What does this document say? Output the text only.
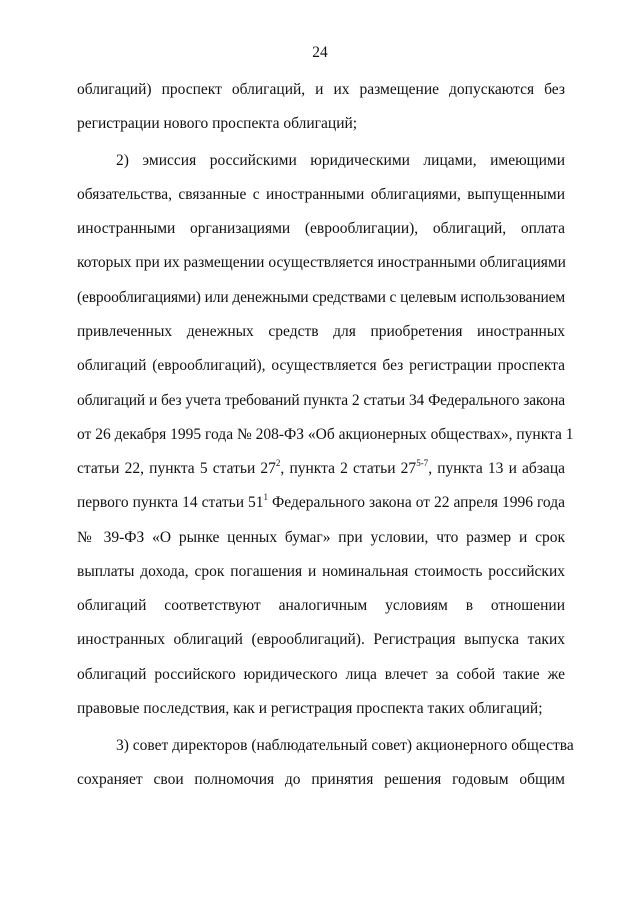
24
облигаций) проспект облигаций, и их размещение допускаются без
регистрации нового проспекта облигаций;
2) эмиссия российскими юридическими лицами, имеющими
обязательства, связанные с иностранными облигациями, выпущенными
иностранными организациями (еврооблигации), облигаций, оплата
которых при их размещении осуществляется иностранными облигациями
(еврооблигациями) или денежными средствами с целевым использованием
привлеченных денежных средств для приобретения иностранных
облигаций (еврооблигаций), осуществляется без регистрации проспекта
облигаций и без учета требований пункта 2 статьи 34 Федерального закона
от 26 декабря 1995 года № 208-ФЗ «Об акционерных обществах», пункта 1
статьи 22, пункта 5 статьи $27^2$, пункта 2 статьи 27$^{5-7}$, пункта 13 и абзаца
первого пункта 14 статьи $51^1$ Федерального закона от 22 апреля 1996 года
№ 39-ФЗ «О рынке ценных бумаг» при условии, что размер и срок
выплаты дохода, срок погашения и номинальная стоимость российских
облигаций соответствуют аналогичным условиям в отношении
иностранных облигаций (еврооблигаций). Регистрация выпуска таких
облигаций российского юридического лица влечет за собой такие же
правовые последствия, как и регистрация проспекта таких облигаций;
3) совет директоров (наблюдательный совет) акционерного общества
сохраняет свои полномочия до принятия решения годовым общим
